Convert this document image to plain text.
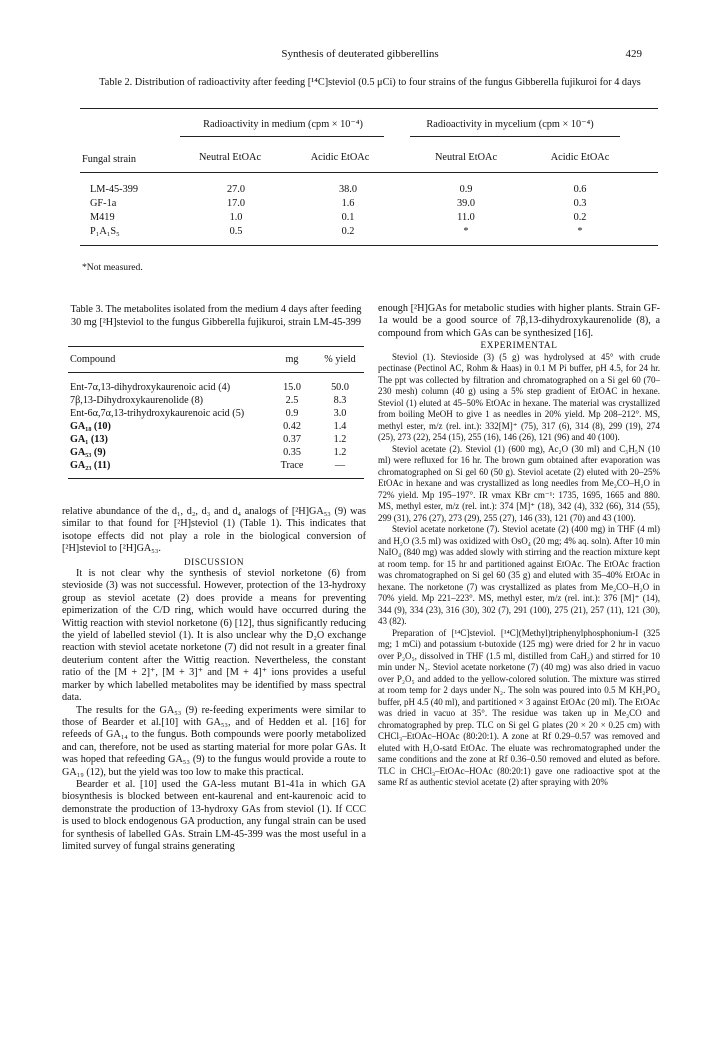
Synthesis of deuterated gibberellins	429
Table 2. Distribution of radioactivity after feeding [¹⁴C]steviol (0.5 μCi) to four strains of the fungus Gibberella fujikuroi for 4 days
Fungal strain
Radioactivity in medium (cpm × 10⁻⁴)	Radioactivity in mycelium (cpm × 10⁻⁴)
Neutral EtOAc	Acidic EtOAc	Neutral EtOAc	Acidic EtOAc
LM-45-399	27.0	38.0	0.9	0.6
GF-1a	17.0	1.6	39.0	0.3
M419	1.0	0.1	11.0	0.2
P₁A₁S₅	0.5	0.2	*	*
*Not measured.
Table 3. The metabolites isolated from the medium 4 days after feeding 30 mg [²H]steviol to the fungus Gibberella fujikuroi, strain LM-45-399
Compound	mg	% yield
Ent-7α,13-dihydroxykaurenoic acid (4)	15.0	50.0
7β,13-Dihydroxykaurenolide (8)	2.5	8.3
Ent-6α,7α,13-trihydroxykaurenoic acid (5)	0.9	3.0
GA₁₈ (10)	0.42	1.4
GA₁ (13)	0.37	1.2
GA₅₃ (9)	0.35	1.2
GA₂₃ (11)	Trace	—

relative abundance of the d₁, d₂, d₃ and d₄ analogs of [²H]GA₅₃ (9) was similar to that found for [²H]steviol (1) (Table 1). This indicates that isotope effects did not play a role in the biological conversion of [²H]steviol to [²H]GA₅₃.

DISCUSSION

It is not clear why the synthesis of steviol norketone (6) from stevioside (3) was not successful. However, protection of the 13-hydroxy group as steviol acetate (2) does provide a means for preventing epimerization of the C/D ring, which would have occurred during the Wittig reaction with steviol norketone (6) [12], thus significantly reducing the yield of labelled steviol (1). It is also unclear why the D₂O exchange reaction with steviol acetate norketone (7) did not result in a greater final deuterium content after the Wittig reaction. Nevertheless, the constant ratio of the [M + 2]⁺, [M + 3]⁺ and [M + 4]⁺ ions provides a useful marker by which labelled metabolites may be identified by mass spectral data.

The results for the GA₅₃ (9) re-feeding experiments were similar to those of Bearder et al.[10] with GA₅₃, and of Hedden et al. [16] for refeeds of GA₁₄ to the fungus. Both compounds were poorly metabolized and can, therefore, not be used as starting material for more polar GAs. It was hoped that refeeding GA₅₃ (9) to the fungus would provide a route to GA₁₉ (12), but the yield was too low to make this practical.

Bearder et al. [10] used the GA-less mutant B1-41a in which GA biosynthesis is blocked between ent-kaurenal and ent-kaurenoic acid to demonstrate the production of 13-hydroxy GAs from steviol (1). If CCC is used to block endogenous GA production, any fungal strain can be used for synthesis of labelled GAs. Strain LM-45-399 was the most useful in a limited survey of fungal strains generating

enough [²H]GAs for metabolic studies with higher plants. Strain GF-1a would be a good source of 7β,13-dihydroxykaurenolide (8), a compound from which GAs can be synthesized [16].

EXPERIMENTAL

Steviol (1). Stevioside (3) (5 g) was hydrolysed at 45° with crude pectinase (Pectinol AC, Rohm & Haas) in 0.1 M Pi buffer, pH 4.5, for 24 hr. The ppt was collected by filtration and chromatographed on a Si gel 60 (70–230 mesh) column (40 g) using a 5% step gradient of EtOAC in hexane. Steviol (1) eluted at 45–50% EtOAc in hexane. The material was crystallized from boiling MeOH to give 1 as needles in 20% yield. Mp 208–212°. MS, methyl ester, m/z (rel. int.): 332[M]⁺ (75), 317 (6), 314 (8), 299 (19), 274 (25), 273 (22), 254 (15), 255 (16), 146 (26), 121 (96) and 40 (100).

Steviol acetate (2). Steviol (1) (600 mg), Ac₂O (30 ml) and C₅H₅N (10 ml) were refluxed for 16 hr. The brown gum obtained after evaporation was chromatographed on Si gel 60 (50 g). Steviol acetate (2) eluted with 20–25% EtOAc in hexane and was crystallized as long needles from Me₂CO–H₂O in 72% yield. Mp 195–197°. IR νmax KBr cm⁻¹: 1735, 1695, 1665 and 880. MS, methyl ester, m/z (rel. int.): 374 [M]⁺ (18), 342 (4), 332 (66), 314 (55), 299 (31), 276 (27), 273 (29), 255 (27), 146 (33), 121 (70) and 43 (100).

Steviol acetate norketone (7). Steviol acetate (2) (400 mg) in THF (4 ml) and H₂O (3.5 ml) was oxidized with OsO₄ (20 mg; 4% aq. soln). After 10 min NaIO₄ (840 mg) was added slowly with stirring and the reaction mixture kept at room temp. for 15 hr and partitioned against EtOAc. The EtOAc fraction was chromatographed on Si gel 60 (35 g) and eluted with 35–40% EtOAc in hexane. The norketone (7) was crystallized as plates from Me₂CO–H₂O in 70% yield. Mp 221–223°. MS, methyl ester, m/z (rel. int.): 376 [M]⁺ (14), 344 (9), 334 (23), 316 (30), 302 (7), 291 (100), 275 (21), 257 (11), 121 (30), 43 (82).

Preparation of [¹⁴C]steviol. [¹⁴C](Methyl)triphenylphosphonium-I (325 mg; 1 mCi) and potassium t-butoxide (125 mg) were dried for 2 hr in vacuo over P₂O₅, dissolved in THF (1.5 ml, distilled from CaH₂) and stirred for 10 min under N₂. Steviol acetate norketone (7) (40 mg) was also dried in vacuo over P₂O₅ and added to the yellow-colored solution. The mixture was stirred at room temp for 2 days under N₂. The soln was poured into 0.5 M KH₂PO₄ buffer, pH 4.5 (40 ml), and partitioned × 3 against EtOAc (20 ml). The EtOAc was dried in vacuo at 35°. The residue was taken up in Me₂CO and chromatographed by prep. TLC on Si gel G plates (20 × 20 × 0.25 cm) with CHCl₃–EtOAc–HOAc (80:20:1). A zone at Rf 0.29–0.57 was removed and eluted with H₂O-satd EtOAc. The eluate was rechromatographed under the same conditions and the zone at Rf 0.36–0.50 removed and eluted as before. TLC in CHCl₃–EtOAc–HOAc (80:20:1) gave one radioactive spot at the same Rf as authentic steviol acetate (2) after spraying with 20%
